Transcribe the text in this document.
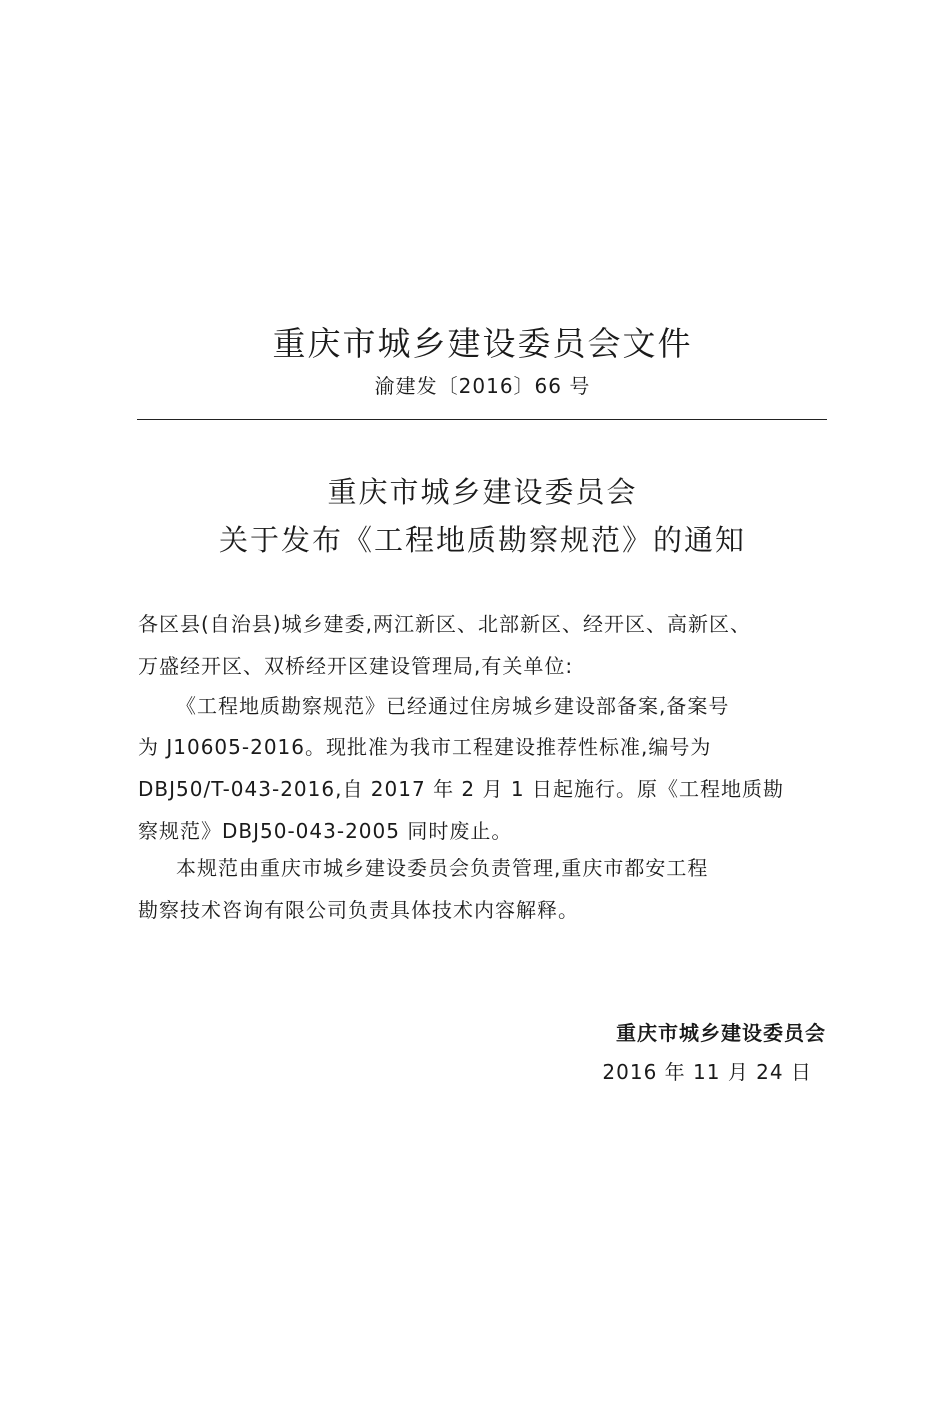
重庆市城乡建设委员会文件
渝建发〔2016〕66 号
重庆市城乡建设委员会
关于发布《工程地质勘察规范》的通知
各区县(自治县)城乡建委,两江新区、北部新区、经开区、高新区、
万盛经开区、双桥经开区建设管理局,有关单位:
《工程地质勘察规范》已经通过住房城乡建设部备案,备案号
为 J10605-2016。现批准为我市工程建设推荐性标准,编号为
DBJ50/T-043-2016,自 2017 年 2 月 1 日起施行。原《工程地质勘
察规范》DBJ50-043-2005 同时废止。
本规范由重庆市城乡建设委员会负责管理,重庆市都安工程
勘察技术咨询有限公司负责具体技术内容解释。
重庆市城乡建设委员会
2016 年 11 月 24 日
